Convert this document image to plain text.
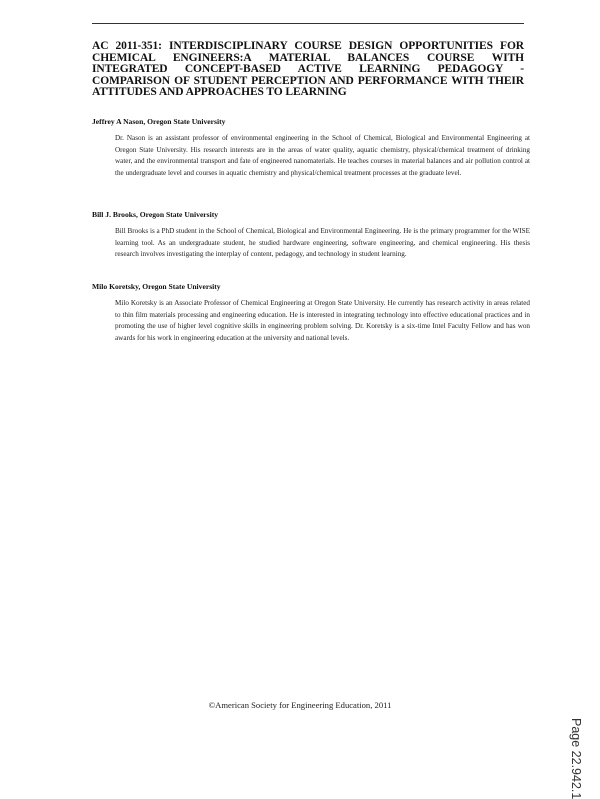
AC 2011-351: INTERDISCIPLINARY COURSE DESIGN OPPORTUNITIES FOR CHEMICAL ENGINEERS:A MATERIAL BALANCES COURSE WITH INTEGRATED CONCEPT-BASED ACTIVE LEARNING PEDAGOGY - COMPARISON OF STUDENT PERCEPTION AND PERFORMANCE WITH THEIR ATTITUDES AND APPROACHES TO LEARNING

Jeffrey A Nason, Oregon State University

Dr. Nason is an assistant professor of environmental engineering in the School of Chemical, Biological and Environmental Engineering at Oregon State University. His research interests are in the areas of water quality, aquatic chemistry, physical/chemical treatment of drinking water, and the environmental transport and fate of engineered nanomaterials. He teaches courses in material balances and air pollution control at the undergraduate level and courses in aquatic chemistry and physical/chemical treatment processes at the graduate level.

Bill J. Brooks, Oregon State University

Bill Brooks is a PhD student in the School of Chemical, Biological and Environmental Engineering. He is the primary programmer for the WISE learning tool. As an undergraduate student, he studied hardware engineering, software engineering, and chemical engineering. His thesis research involves investigating the interplay of content, pedagogy, and technology in student learning.

Milo Koretsky, Oregon State University

Milo Koretsky is an Associate Professor of Chemical Engineering at Oregon State University. He currently has research activity in areas related to thin film materials processing and engineering education. He is interested in integrating technology into effective educational practices and in promoting the use of higher level cognitive skills in engineering problem solving. Dr. Koretsky is a six-time Intel Faculty Fellow and has won awards for his work in engineering education at the university and national levels.

©American Society for Engineering Education, 2011
Page 22.942.1
